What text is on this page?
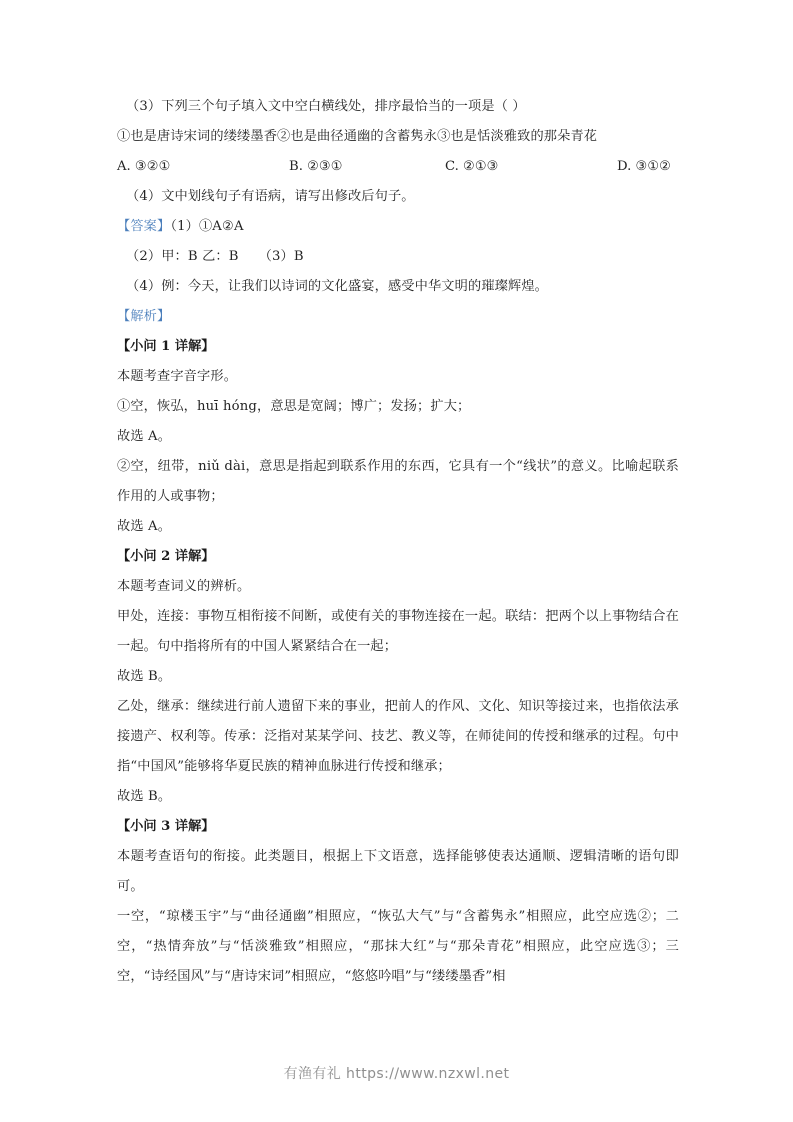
（3）下列三个句子填入文中空白横线处，排序最恰当的一项是（ ）
①也是唐诗宋词的缕缕墨香②也是曲径通幽的含蓄隽永③也是恬淡雅致的那朵青花
A. ③②①	B. ②③①	C. ②①③	D. ③①②
（4）文中划线句子有语病，请写出修改后句子。
【答案】（1）①A②A
（2）甲：B 乙：B　　（3）B
（4）例：今天，让我们以诗词的文化盛宴，感受中华文明的璀璨辉煌。
【解析】
【小问 1 详解】
本题考查字音字形。
①空，恢弘，huī hóng，意思是宽阔；博广；发扬；扩大；
故选 A。
②空，纽带，niǔ dài，意思是指起到联系作用的东西，它具有一个“线状”的意义。比喻起联系作用的人或事物；
故选 A。
【小问 2 详解】
本题考查词义的辨析。
甲处，连接：事物互相衔接不间断，或使有关的事物连接在一起。联结：把两个以上事物结合在一起。句中指将所有的中国人紧紧结合在一起；
故选 B。
乙处，继承：继续进行前人遗留下来的事业，把前人的作风、文化、知识等接过来，也指依法承接遗产、权利等。传承：泛指对某某学问、技艺、教义等，在师徒间的传授和继承的过程。句中指“中国风”能够将华夏民族的精神血脉进行传授和继承；
故选 B。
【小问 3 详解】
本题考查语句的衔接。此类题目，根据上下文语意，选择能够使表达通顺、逻辑清晰的语句即可。
一空，“琼楼玉宇”与“曲径通幽”相照应，“恢弘大气”与“含蓄隽永”相照应，此空应选②；二空，“热情奔放”与“恬淡雅致”相照应，“那抹大红”与“那朵青花”相照应，此空应选③；三空，“诗经国风”与“唐诗宋词”相照应，“悠悠吟唱”与“缕缕墨香”相
有渔有礼 https://www.nzxwl.net
